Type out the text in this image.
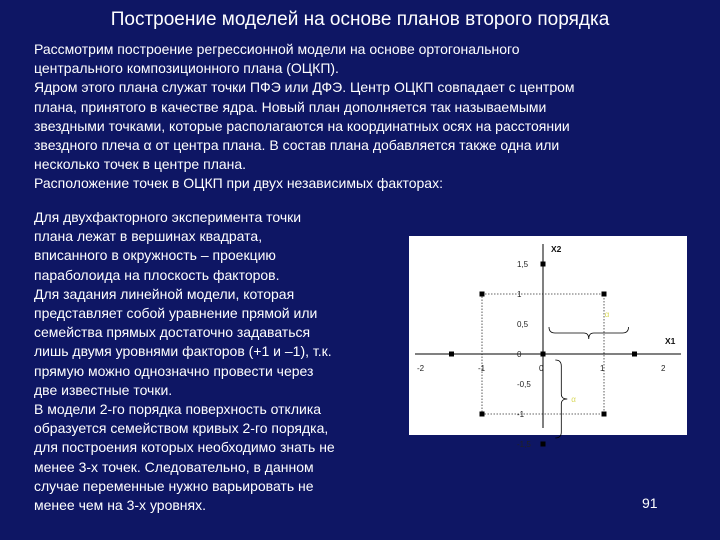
Построение моделей на основе планов второго порядка

Рассмотрим построение регрессионной модели на основе ортогонального

центрального композиционного плана (ОЦКП).

Ядром этого плана служат точки ПФЭ или ДФЭ. Центр ОЦКП совпадает с центром

плана, принятого в качестве ядра. Новый план дополняется так называемыми

звездными точками, которые располагаются на координатных осях на расстоянии

звездного плеча α от центра плана. В состав плана добавляется также одна или

несколько точек в центре плана.

Расположение точек в ОЦКП при двух независимых факторах:

Для двухфакторного эксперимента точки

плана лежат в вершинах квадрата,

вписанного в окружность – проекцию

параболоида на плоскость факторов.

Для задания линейной модели, которая

представляет собой уравнение прямой или

семейства прямых достаточно задаваться

лишь двумя уровнями факторов (+1 и –1), т.к.

прямую можно однозначно провести через

две известные точки.

В модели 2-го порядка поверхность отклика

образуется семейством кривых 2-го порядка,

для построения которых необходимо знать не

менее 3-х точек. Следовательно, в данном

случае переменные нужно варьировать не

менее чем на 3-х уровнях.

X1
X2
-2	-1	0	1	2
1,5
1
0,5
0
-0,5
-1
-1,5
α
α
91
